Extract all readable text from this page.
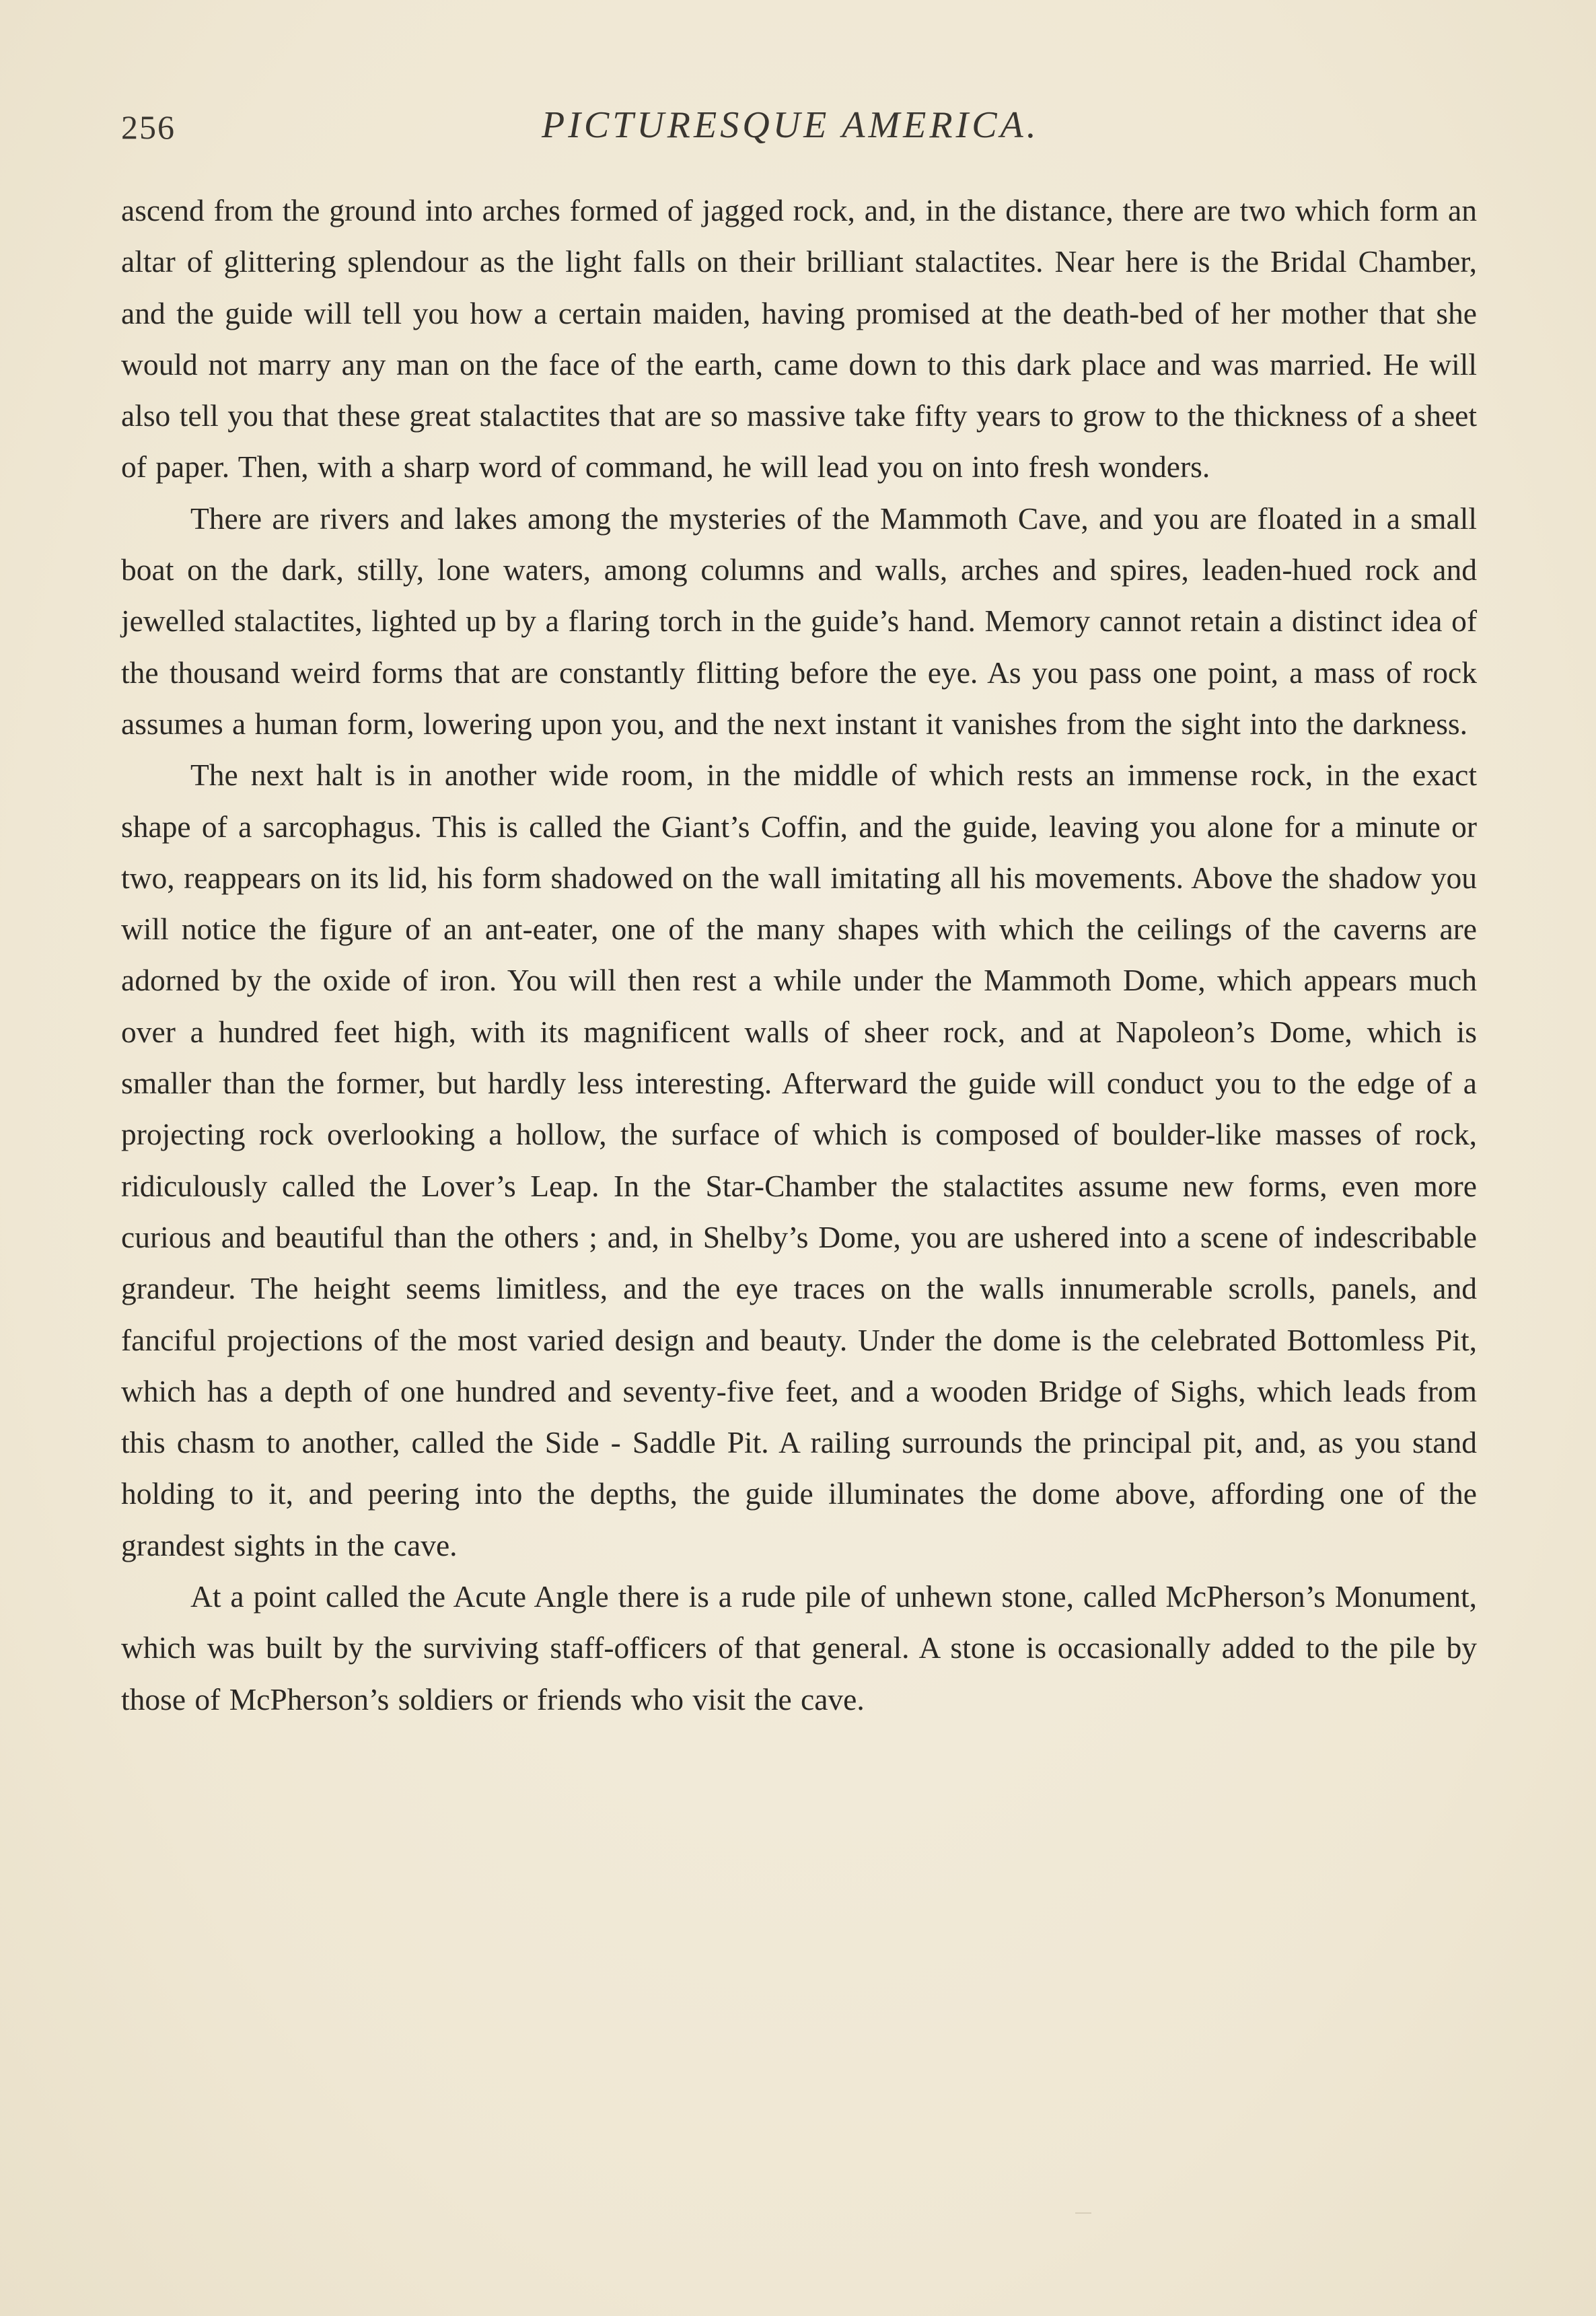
256	PICTURESQUE AMERICA.

ascend from the ground into arches formed of jagged rock, and, in the distance, there are two which form an altar of glittering splendour as the light falls on their brilliant stalactites. Near here is the Bridal Chamber, and the guide will tell you how a certain maiden, having promised at the death-bed of her mother that she would not marry any man on the face of the earth, came down to this dark place and was married. He will also tell you that these great stalactites that are so massive take fifty years to grow to the thickness of a sheet of paper. Then, with a sharp word of command, he will lead you on into fresh wonders.

There are rivers and lakes among the mysteries of the Mammoth Cave, and you are floated in a small boat on the dark, stilly, lone waters, among columns and walls, arches and spires, leaden-hued rock and jewelled stalactites, lighted up by a flaring torch in the guide’s hand. Memory cannot retain a distinct idea of the thousand weird forms that are constantly flitting before the eye. As you pass one point, a mass of rock assumes a human form, lowering upon you, and the next instant it vanishes from the sight into the darkness.

The next halt is in another wide room, in the middle of which rests an immense rock, in the exact shape of a sarcophagus. This is called the Giant’s Coffin, and the guide, leaving you alone for a minute or two, reappears on its lid, his form shadowed on the wall imitating all his movements. Above the shadow you will notice the figure of an ant-eater, one of the many shapes with which the ceilings of the caverns are adorned by the oxide of iron. You will then rest a while under the Mammoth Dome, which appears much over a hundred feet high, with its magnificent walls of sheer rock, and at Napoleon’s Dome, which is smaller than the former, but hardly less interesting. Afterward the guide will conduct you to the edge of a projecting rock overlooking a hollow, the surface of which is composed of boulder-like masses of rock, ridiculously called the Lover’s Leap. In the Star-Chamber the stalactites assume new forms, even more curious and beautiful than the others ; and, in Shelby’s Dome, you are ushered into a scene of indescribable grandeur. The height seems limitless, and the eye traces on the walls innumerable scrolls, panels, and fanciful projections of the most varied design and beauty. Under the dome is the celebrated Bottomless Pit, which has a depth of one hundred and seventy-five feet, and a wooden Bridge of Sighs, which leads from this chasm to another, called the Side - Saddle Pit. A railing surrounds the principal pit, and, as you stand holding to it, and peering into the depths, the guide illuminates the dome above, affording one of the grandest sights in the cave.

At a point called the Acute Angle there is a rude pile of unhewn stone, called McPherson’s Monument, which was built by the surviving staff-officers of that general. A stone is occasionally added to the pile by those of McPherson’s soldiers or friends who visit the cave.
